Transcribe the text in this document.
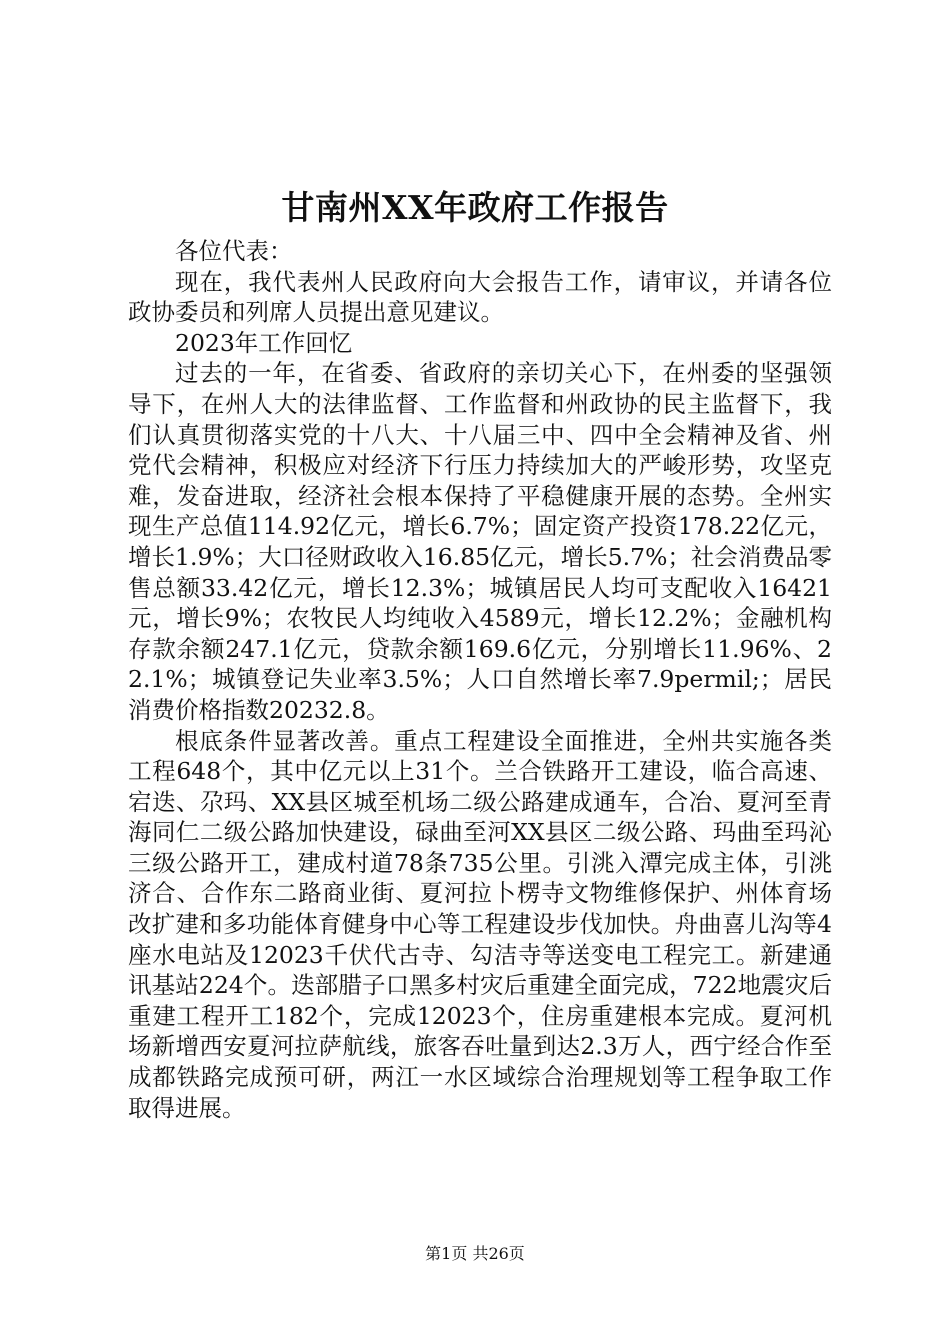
甘南州XX年政府工作报告

各位代表：

现在，我代表州人民政府向大会报告工作，请审议，并请各位政协委员和列席人员提出意见建议。

2023年工作回忆

过去的一年，在省委、省政府的亲切关心下，在州委的坚强领导下，在州人大的法律监督、工作监督和州政协的民主监督下，我们认真贯彻落实党的十八大、十八届三中、四中全会精神及省、州党代会精神，积极应对经济下行压力持续加大的严峻形势，攻坚克难，发奋进取，经济社会根本保持了平稳健康开展的态势。全州实现生产总值114.92亿元，增长6.7%；固定资产投资178.22亿元，增长1.9%；大口径财政收入16.85亿元，增长5.7%；社会消费品零售总额33.42亿元，增长12.3%；城镇居民人均可支配收入16421元，增长9%；农牧民人均纯收入4589元，增长12.2%；金融机构存款余额247.1亿元，贷款余额169.6亿元，分别增长11.96%、22.1%；城镇登记失业率3.5%；人口自然增长率7.9permil;；居民消费价格指数20232.8。

根底条件显著改善。重点工程建设全面推进，全州共实施各类工程648个，其中亿元以上31个。兰合铁路开工建设，临合高速、宕迭、尕玛、XX县区城至机场二级公路建成通车，合冶、夏河至青海同仁二级公路加快建设，碌曲至河XX县区二级公路、玛曲至玛沁三级公路开工，建成村道78条735公里。引洮入潭完成主体，引洮济合、合作东二路商业街、夏河拉卜楞寺文物维修保护、州体育场改扩建和多功能体育健身中心等工程建设步伐加快。舟曲喜儿沟等4座水电站及12023千伏代古寺、勾洁寺等送变电工程完工。新建通讯基站224个。迭部腊子口黑多村灾后重建全面完成，722地震灾后重建工程开工182个，完成12023个，住房重建根本完成。夏河机场新增西安夏河拉萨航线，旅客吞吐量到达2.3万人，西宁经合作至成都铁路完成预可研，两江一水区域综合治理规划等工程争取工作取得进展。

第1页 共26页
